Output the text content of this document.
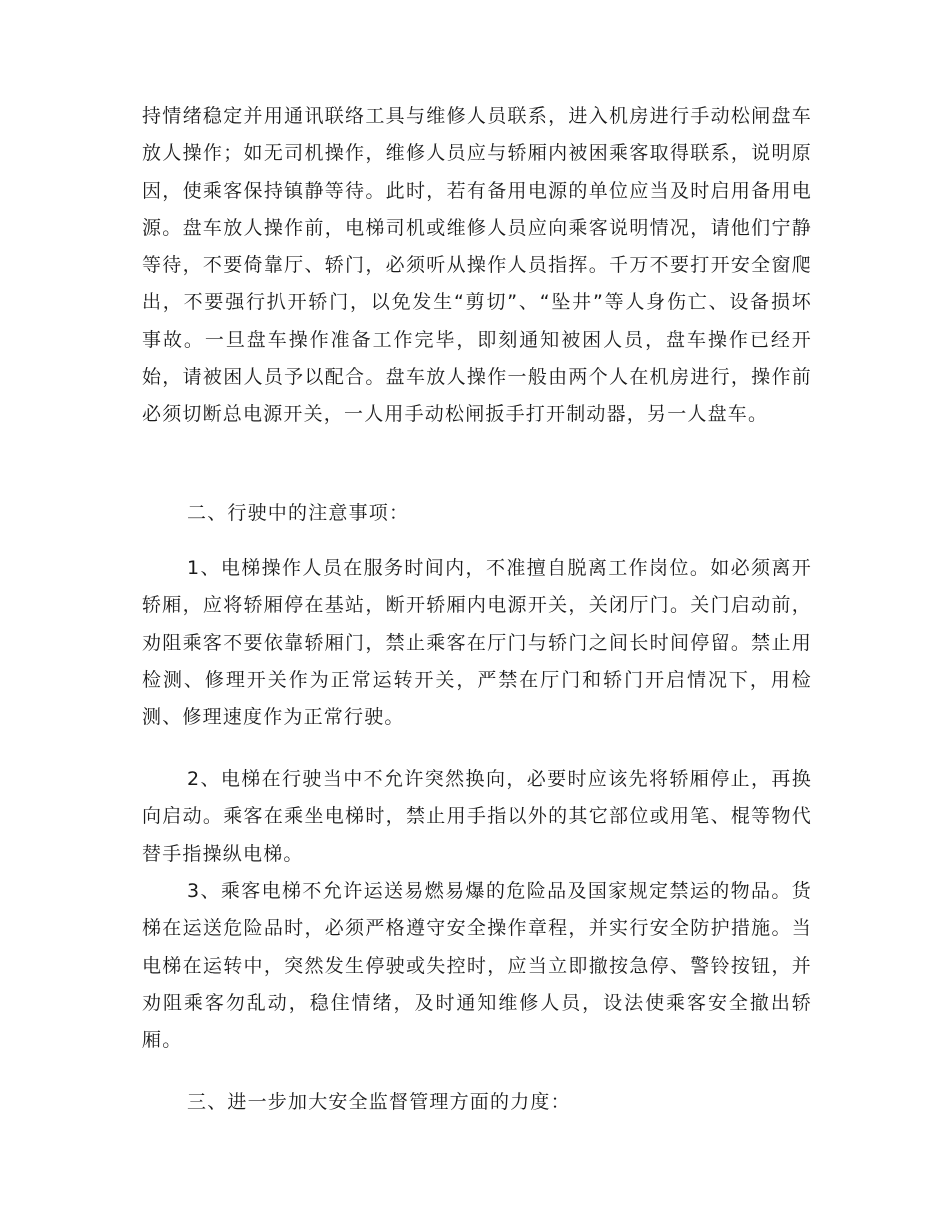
持情绪稳定并用通讯联络工具与维修人员联系，进入机房进行手动松闸盘车放人操作；如无司机操作，维修人员应与轿厢内被困乘客取得联系，说明原因，使乘客保持镇静等待。此时，若有备用电源的单位应当及时启用备用电源。盘车放人操作前，电梯司机或维修人员应向乘客说明情况，请他们宁静等待，不要倚靠厅、轿门，必须听从操作人员指挥。千万不要打开安全窗爬出，不要强行扒开轿门，以免发生“剪切”、“坠井”等人身伤亡、设备损坏事故。一旦盘车操作准备工作完毕，即刻通知被困人员，盘车操作已经开始，请被困人员予以配合。盘车放人操作一般由两个人在机房进行，操作前必须切断总电源开关，一人用手动松闸扳手打开制动器，另一人盘车。

二、行驶中的注意事项：

1、电梯操作人员在服务时间内，不准擅自脱离工作岗位。如必须离开轿厢，应将轿厢停在基站，断开轿厢内电源开关，关闭厅门。关门启动前，劝阻乘客不要依靠轿厢门，禁止乘客在厅门与轿门之间长时间停留。禁止用检测、修理开关作为正常运转开关，严禁在厅门和轿门开启情况下，用检测、修理速度作为正常行驶。

2、电梯在行驶当中不允许突然换向，必要时应该先将轿厢停止，再换向启动。乘客在乘坐电梯时，禁止用手指以外的其它部位或用笔、棍等物代替手指操纵电梯。

3、乘客电梯不允许运送易燃易爆的危险品及国家规定禁运的物品。货梯在运送危险品时，必须严格遵守安全操作章程，并实行安全防护措施。当电梯在运转中，突然发生停驶或失控时，应当立即撤按急停、警铃按钮，并劝阻乘客勿乱动，稳住情绪，及时通知维修人员，设法使乘客安全撤出轿厢。

三、进一步加大安全监督管理方面的力度：
